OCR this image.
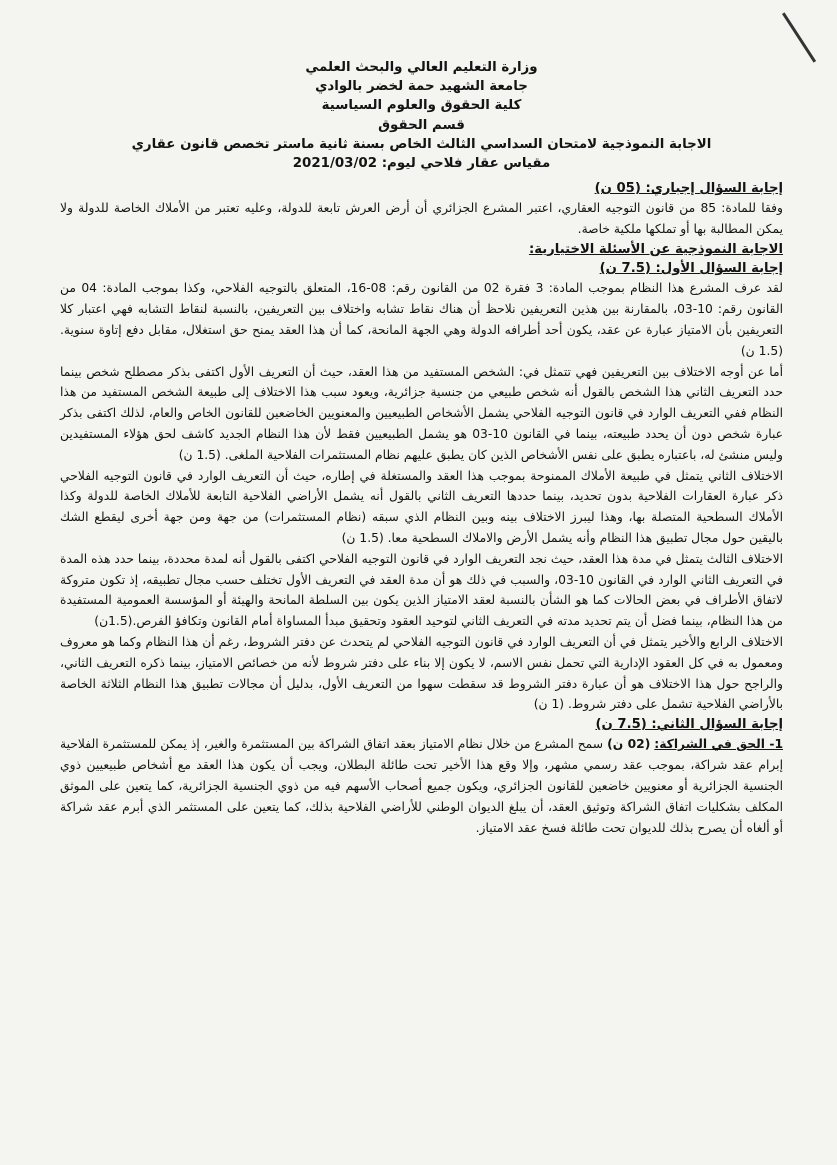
وزارة التعليم العالي والبحث العلمي
جامعة الشهيد حمة لخضر بالوادي
كلية الحقوق والعلوم السياسية
قسم الحقوق
الاجابة النموذجية لامتحان السداسي الثالث الخاص بسنة ثانية ماستر تخصص قانون عقاري
مقياس عقار فلاحي ليوم: 2021/03/02
إجابة السؤال إجباري: (05 ن)

وفقا للمادة: 85 من قانون التوجيه العقاري، اعتبر المشرع الجزائري أن أرض العرش تابعة للدولة، وعليه تعتبر من الأملاك الخاصة للدولة ولا يمكن المطالبة بها أو تملكها ملكية خاصة.

الاجابة النموذجية عن الأسئلة الاختيارية:
إجابة السؤال الأول: (7.5 ن)

لقد عرف المشرع هذا النظام بموجب المادة: 3 فقرة 02 من القانون رقم: 08-16، المتعلق بالتوجيه الفلاحي، وكذا بموجب المادة: 04 من القانون رقم: 10-03، بالمقارنة بين هذين التعريفين نلاحظ أن هناك نقاط تشابه واختلاف بين التعريفين، بالنسبة لنقاط التشابه فهي اعتبار كلا التعريفين بأن الامتياز عبارة عن عقد، يكون أحد أطرافه الدولة وهي الجهة المانحة، كما أن هذا العقد يمنح حق استغلال، مقابل دفع إتاوة سنوية.(1.5 ن)

أما عن أوجه الاختلاف بين التعريفين فهي تتمثل في: الشخص المستفيد من هذا العقد، حيث أن التعريف الأول اكتفى بذكر مصطلح شخص بينما حدد التعريف الثاني هذا الشخص بالقول أنه شخص طبيعي من جنسية جزائرية، ويعود سبب هذا الاختلاف إلى طبيعة الشخص المستفيد من هذا النظام ففي التعريف الوارد في قانون التوجيه الفلاحي يشمل الأشخاص الطبيعيين والمعنويين الخاضعين للقانون الخاص والعام، لذلك اكتفى بذكر عبارة شخص دون أن يحدد طبيعته، بينما في القانون 10-03 هو يشمل الطبيعيين فقط لأن هذا النظام الجديد كاشف لحق هؤلاء المستفيدين وليس منشئ له، باعتباره يطبق على نفس الأشخاص الذين كان يطبق عليهم نظام المستثمرات الفلاحية الملغى. (1.5 ن)

الاختلاف الثاني يتمثل في طبيعة الأملاك الممنوحة بموجب هذا العقد والمستغلة في إطاره، حيث أن التعريف الوارد في قانون التوجيه الفلاحي ذكر عبارة العقارات الفلاحية بدون تحديد، بينما حددها التعريف الثاني بالقول أنه يشمل الأراضي الفلاحية التابعة للأملاك الخاصة للدولة وكذا الأملاك السطحية المتصلة بها، وهذا ليبرز الاختلاف بينه وبين النظام الذي سبقه (نظام المستثمرات) من جهة ومن جهة أخرى ليقطع الشك باليقين حول مجال تطبيق هذا النظام وأنه يشمل الأرض والاملاك السطحية معا. (1.5 ن)

الاختلاف الثالث يتمثل في مدة هذا العقد، حيث نجد التعريف الوارد في قانون التوجيه الفلاحي اكتفى بالقول أنه لمدة محددة، بينما حدد هذه المدة في التعريف الثاني الوارد في القانون 10-03، والسبب في ذلك هو أن مدة العقد في التعريف الأول تختلف حسب مجال تطبيقه، إذ تكون متروكة لاتفاق الأطراف في بعض الحالات كما هو الشأن بالنسبة لعقد الامتياز الذين يكون بين السلطة المانحة والهيئة أو المؤسسة العمومية المستفيدة من هذا النظام، بينما فضل أن يتم تحديد مدته في التعريف الثاني لتوحيد العقود وتحقيق مبدأ المساواة أمام القانون وتكافؤ الفرص.(1.5ن)

الاختلاف الرابع والأخير يتمثل في أن التعريف الوارد في قانون التوجيه الفلاحي لم يتحدث عن دفتر الشروط، رغم أن هذا النظام وكما هو معروف ومعمول به في كل العقود الإدارية التي تحمل نفس الاسم، لا يكون إلا بناء على دفتر شروط لأنه من خصائص الامتياز، بينما ذكره التعريف الثاني، والراجح حول هذا الاختلاف هو أن عبارة دفتر الشروط قد سقطت سهوا من التعريف الأول، بدليل أن مجالات تطبيق هذا النظام الثلاثة الخاصة بالأراضي الفلاحية تشمل على دفتر شروط. (1 ن)

إجابة السؤال الثاني: (7.5 ن)

1- الحق في الشراكة: (02 ن) سمح المشرع من خلال نظام الامتياز بعقد اتفاق الشراكة بين المستثمرة والغير، إذ يمكن للمستثمرة الفلاحية إبرام عقد شراكة، بموجب عقد رسمي مشهر، وإلا وقع هذا الأخير تحت طائلة البطلان، ويجب أن يكون هذا العقد مع أشخاص طبيعيين ذوي الجنسية الجزائرية أو معنويين خاضعين للقانون الجزائري، ويكون جميع أصحاب الأسهم فيه من ذوي الجنسية الجزائرية، كما يتعين على الموثق المكلف بشكليات اتفاق الشراكة وتوثيق العقد، أن يبلغ الديوان الوطني للأراضي الفلاحية بذلك، كما يتعين على المستثمر الذي أبرم عقد شراكة أو ألغاه أن يصرح بذلك للديوان تحت طائلة فسخ عقد الامتياز.
